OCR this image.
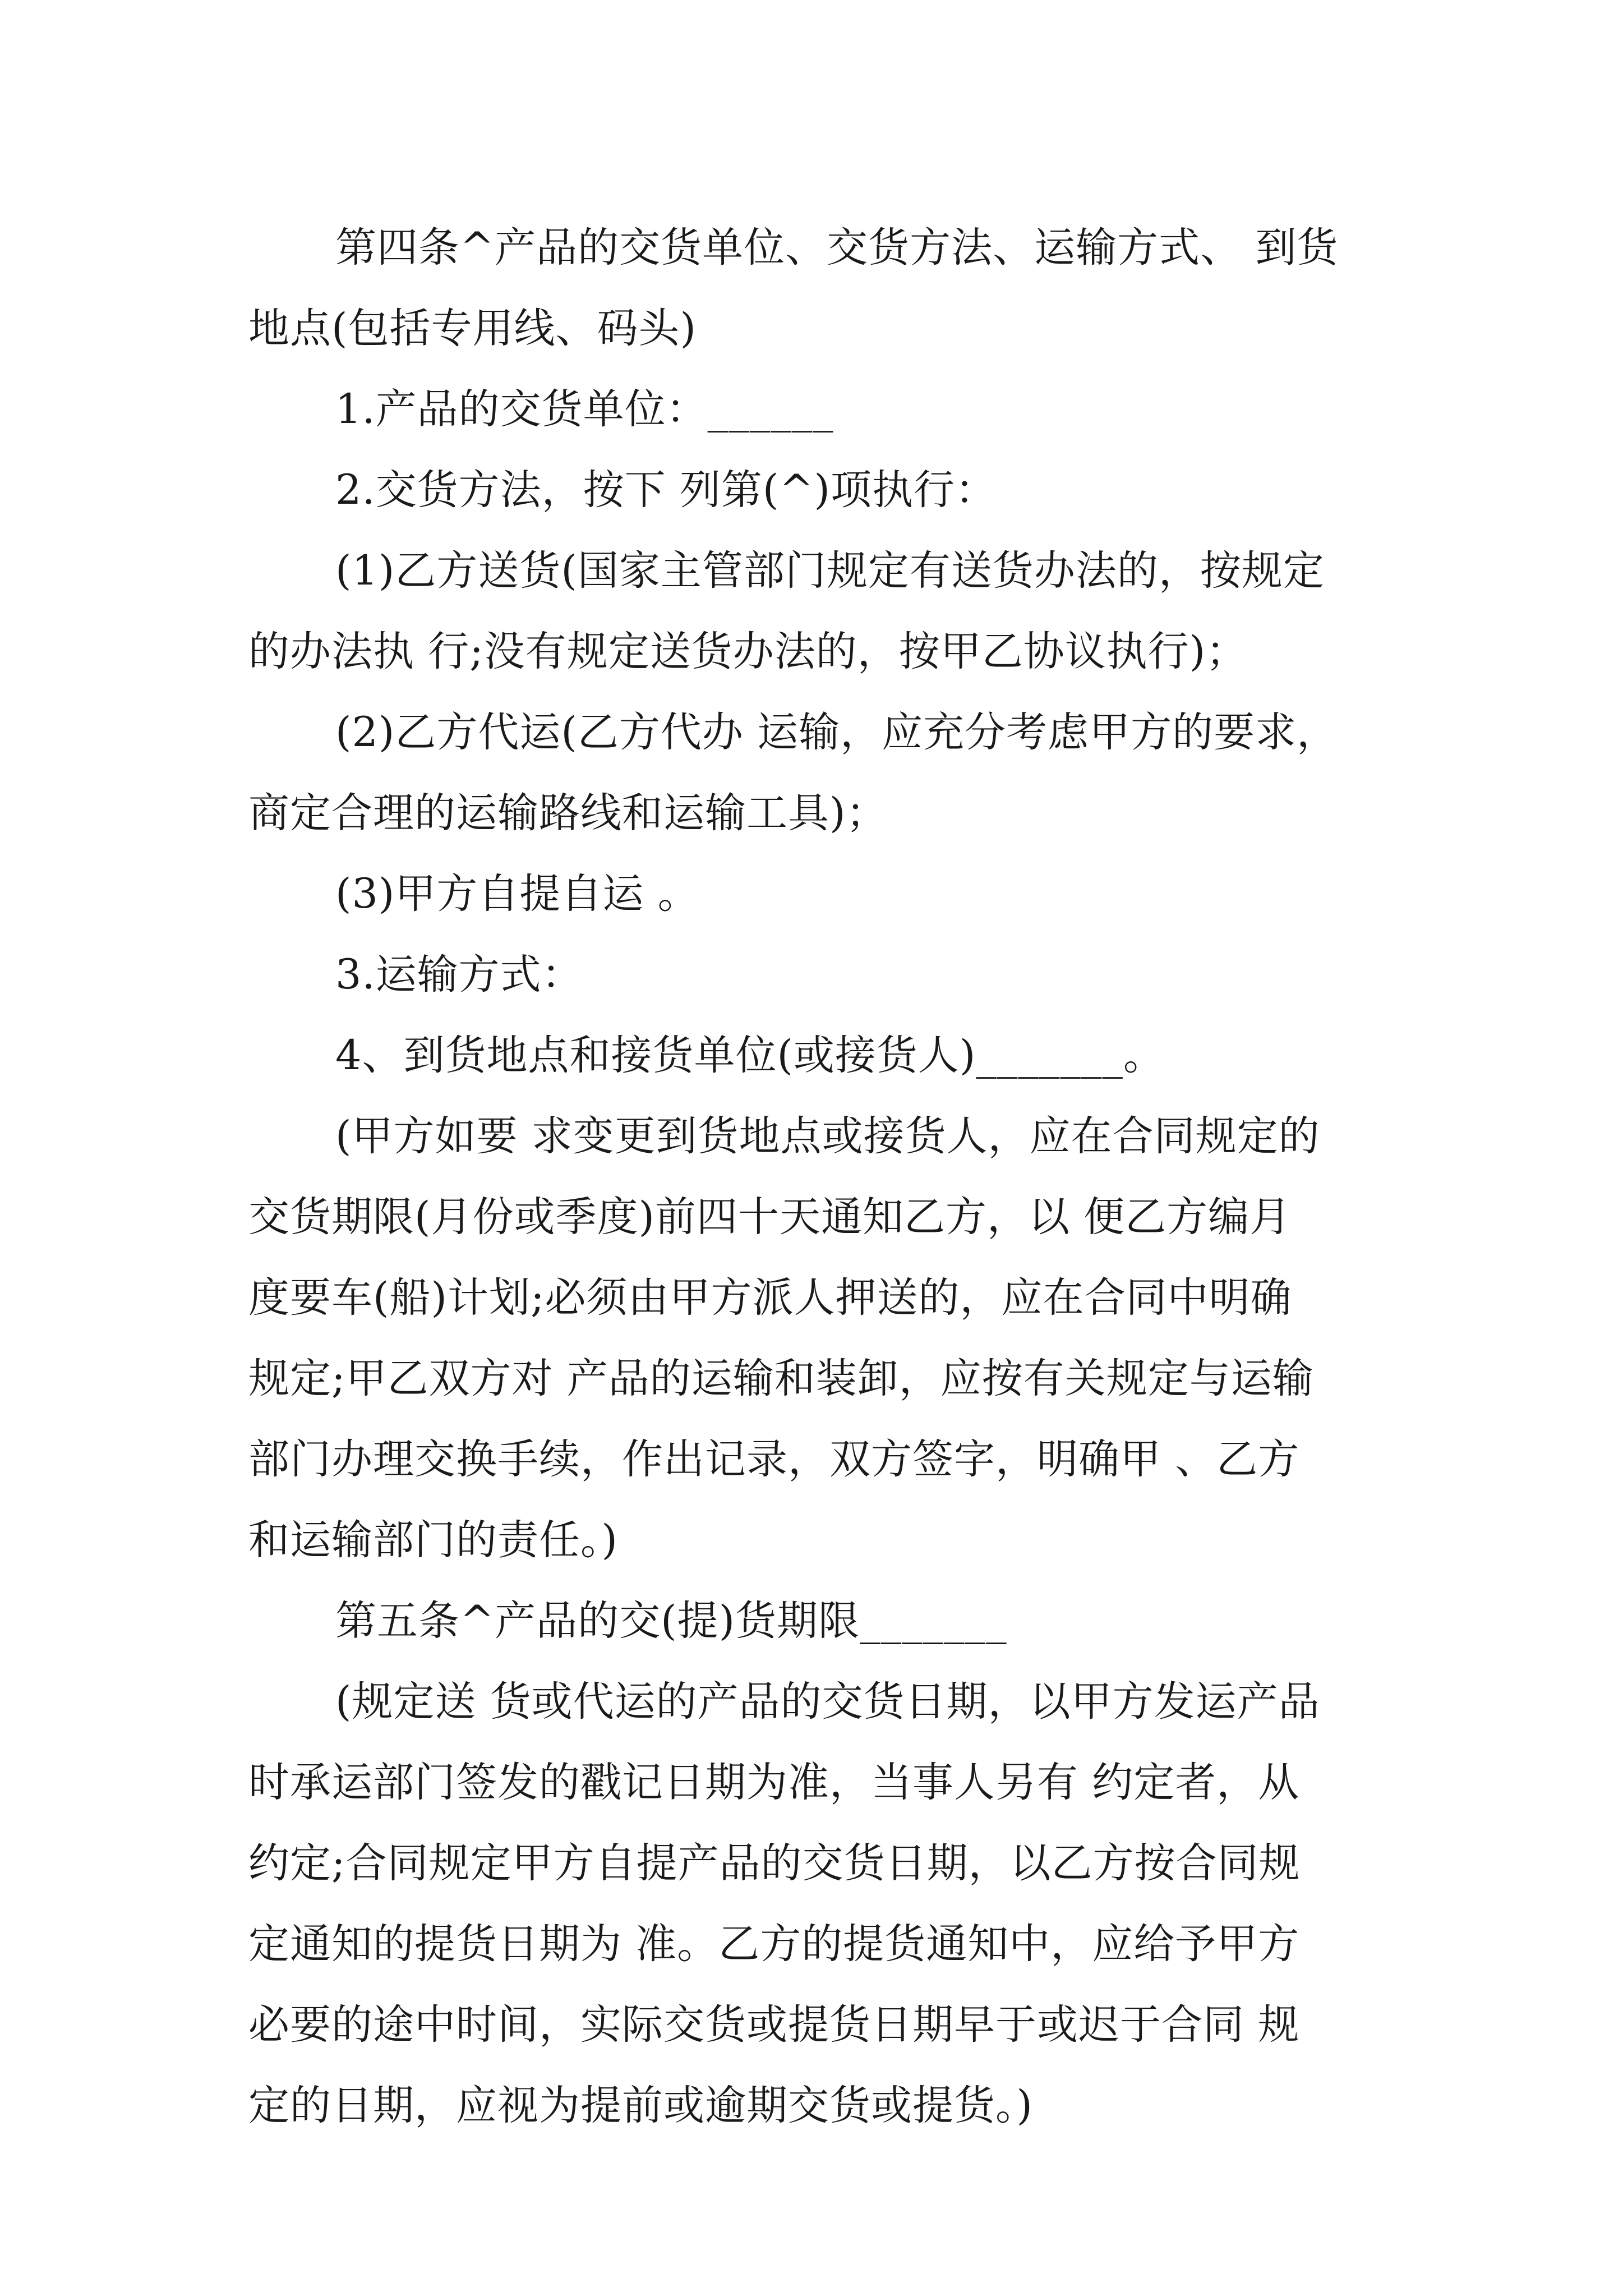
第四条^产品的交货单位、交货方法、运输方式、 到货

地点(包括专用线、码头)

1.产品的交货单位：______

2.交货方法，按下 列第(^)项执行：

(1)乙方送货(国家主管部门规定有送货办法的，按规定

的办法执 行;没有规定送货办法的，按甲乙协议执行)；

(2)乙方代运(乙方代办 运输，应充分考虑甲方的要求，

商定合理的运输路线和运输工具)；

(3)甲方自提自运 。

3.运输方式：

4、到货地点和接货单位(或接货人)_______。

(甲方如要 求变更到货地点或接货人，应在合同规定的

交货期限(月份或季度)前四十天通知乙方，以 便乙方编月

度要车(船)计划;必须由甲方派人押送的，应在合同中明确

规定;甲乙双方对 产品的运输和装卸，应按有关规定与运输

部门办理交换手续，作出记录，双方签字，明确甲 、乙方

和运输部门的责任。)

第五条^产品的交(提)货期限_______

(规定送 货或代运的产品的交货日期，以甲方发运产品

时承运部门签发的戳记日期为准，当事人另有 约定者，从

约定;合同规定甲方自提产品的交货日期，以乙方按合同规

定通知的提货日期为 准。乙方的提货通知中，应给予甲方

必要的途中时间，实际交货或提货日期早于或迟于合同 规

定的日期，应视为提前或逾期交货或提货。)
